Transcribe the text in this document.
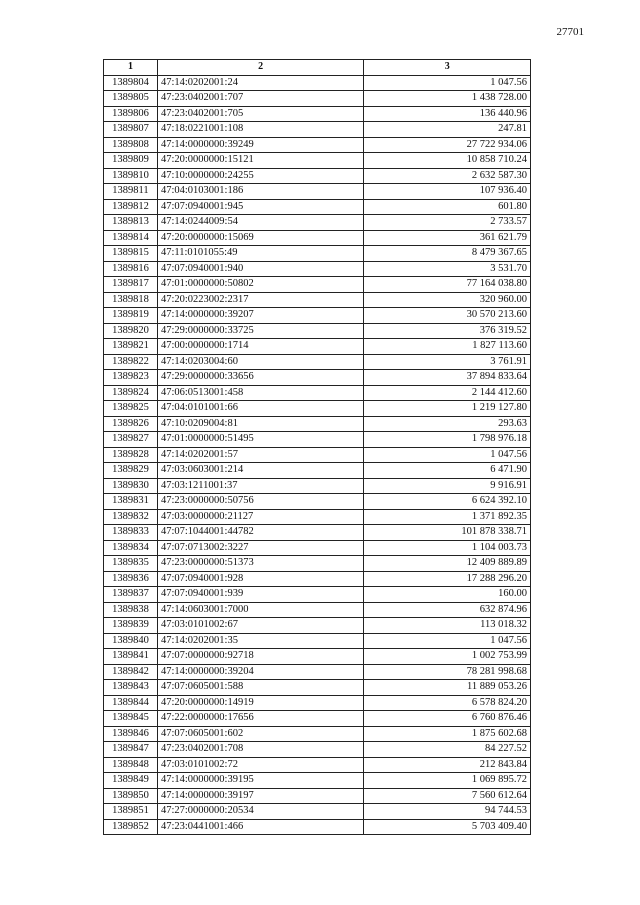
27701
1	2	3
1389804	47:14:0202001:24	1 047.56
1389805	47:23:0402001:707	1 438 728.00
1389806	47:23:0402001:705	136 440.96
1389807	47:18:0221001:108	247.81
1389808	47:14:0000000:39249	27 722 934.06
1389809	47:20:0000000:15121	10 858 710.24
1389810	47:10:0000000:24255	2 632 587.30
1389811	47:04:0103001:186	107 936.40
1389812	47:07:0940001:945	601.80
1389813	47:14:0244009:54	2 733.57
1389814	47:20:0000000:15069	361 621.79
1389815	47:11:0101055:49	8 479 367.65
1389816	47:07:0940001:940	3 531.70
1389817	47:01:0000000:50802	77 164 038.80
1389818	47:20:0223002:2317	320 960.00
1389819	47:14:0000000:39207	30 570 213.60
1389820	47:29:0000000:33725	376 319.52
1389821	47:00:0000000:1714	1 827 113.60
1389822	47:14:0203004:60	3 761.91
1389823	47:29:0000000:33656	37 894 833.64
1389824	47:06:0513001:458	2 144 412.60
1389825	47:04:0101001:66	1 219 127.80
1389826	47:10:0209004:81	293.63
1389827	47:01:0000000:51495	1 798 976.18
1389828	47:14:0202001:57	1 047.56
1389829	47:03:0603001:214	6 471.90
1389830	47:03:1211001:37	9 916.91
1389831	47:23:0000000:50756	6 624 392.10
1389832	47:03:0000000:21127	1 371 892.35
1389833	47:07:1044001:44782	101 878 338.71
1389834	47:07:0713002:3227	1 104 003.73
1389835	47:23:0000000:51373	12 409 889.89
1389836	47:07:0940001:928	17 288 296.20
1389837	47:07:0940001:939	160.00
1389838	47:14:0603001:7000	632 874.96
1389839	47:03:0101002:67	113 018.32
1389840	47:14:0202001:35	1 047.56
1389841	47:07:0000000:92718	1 002 753.99
1389842	47:14:0000000:39204	78 281 998.68
1389843	47:07:0605001:588	11 889 053.26
1389844	47:20:0000000:14919	6 578 824.20
1389845	47:22:0000000:17656	6 760 876.46
1389846	47:07:0605001:602	1 875 602.68
1389847	47:23:0402001:708	84 227.52
1389848	47:03:0101002:72	212 843.84
1389849	47:14:0000000:39195	1 069 895.72
1389850	47:14:0000000:39197	7 560 612.64
1389851	47:27:0000000:20534	94 744.53
1389852	47:23:0441001:466	5 703 409.40
